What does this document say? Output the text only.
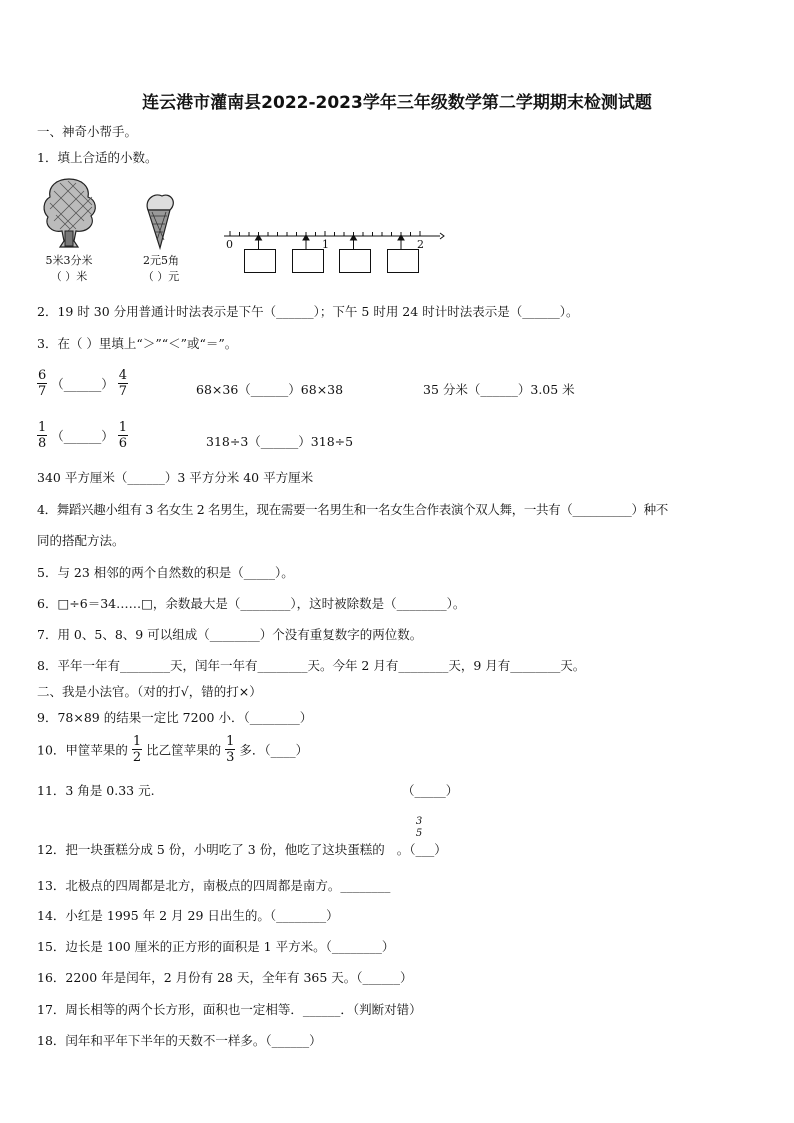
连云港市灌南县2022-2023学年三年级数学第二学期期末检测试题
一、神奇小帮手。
1．填上合适的小数。
5米3分米
（ ）米
2元5角
（ ）元
0	1	2
2．19 时 30 分用普通计时法表示是下午（______）；下午 5 时用 24 时计时法表示是（______）。
3．在（ ）里填上“＞”“＜”或“＝”。
$\frac{6}{7}$ （______） $\frac{4}{7}$	68×36（______）68×38	35 分米（______）3.05 米
$\frac{1}{8}$ （______） $\frac{1}{6}$	318÷3（______）318÷5
340 平方厘米（______）3 平方分米 40 平方厘米
4．舞蹈兴趣小组有 3 名女生 2 名男生，现在需要一名男生和一名女生合作表演个双人舞，一共有（__________）种不
同的搭配方法。
5．与 23 相邻的两个自然数的积是（_____）。
6．□÷6＝34……□，余数最大是（________），这时被除数是（________）。
7．用 0、5、8、9 可以组成（________）个没有重复数字的两位数。
8．平年一年有________天，闰年一年有________天。今年 2 月有________天，9 月有________天。
二、我是小法官。（对的打√，错的打×）
9．78×89 的结果一定比 7200 小．（________）
10．甲筐苹果的 $\frac{1}{2}$ 比乙筐苹果的 $\frac{1}{3}$ 多．（____）
11．3 角是 0.33 元.	（_____）
3
5
12．把一块蛋糕分成 5 份，小明吃了 3 份，他吃了这块蛋糕的 。（___）
13．北极点的四周都是北方，南极点的四周都是南方。________
14．小红是 1995 年 2 月 29 日出生的。（________）
15．边长是 100 厘米的正方形的面积是 1 平方米。（________）
16．2200 年是闰年，2 月份有 28 天，全年有 365 天。（______）
17．周长相等的两个长方形，面积也一定相等．______．（判断对错）
18．闰年和平年下半年的天数不一样多。（______）
